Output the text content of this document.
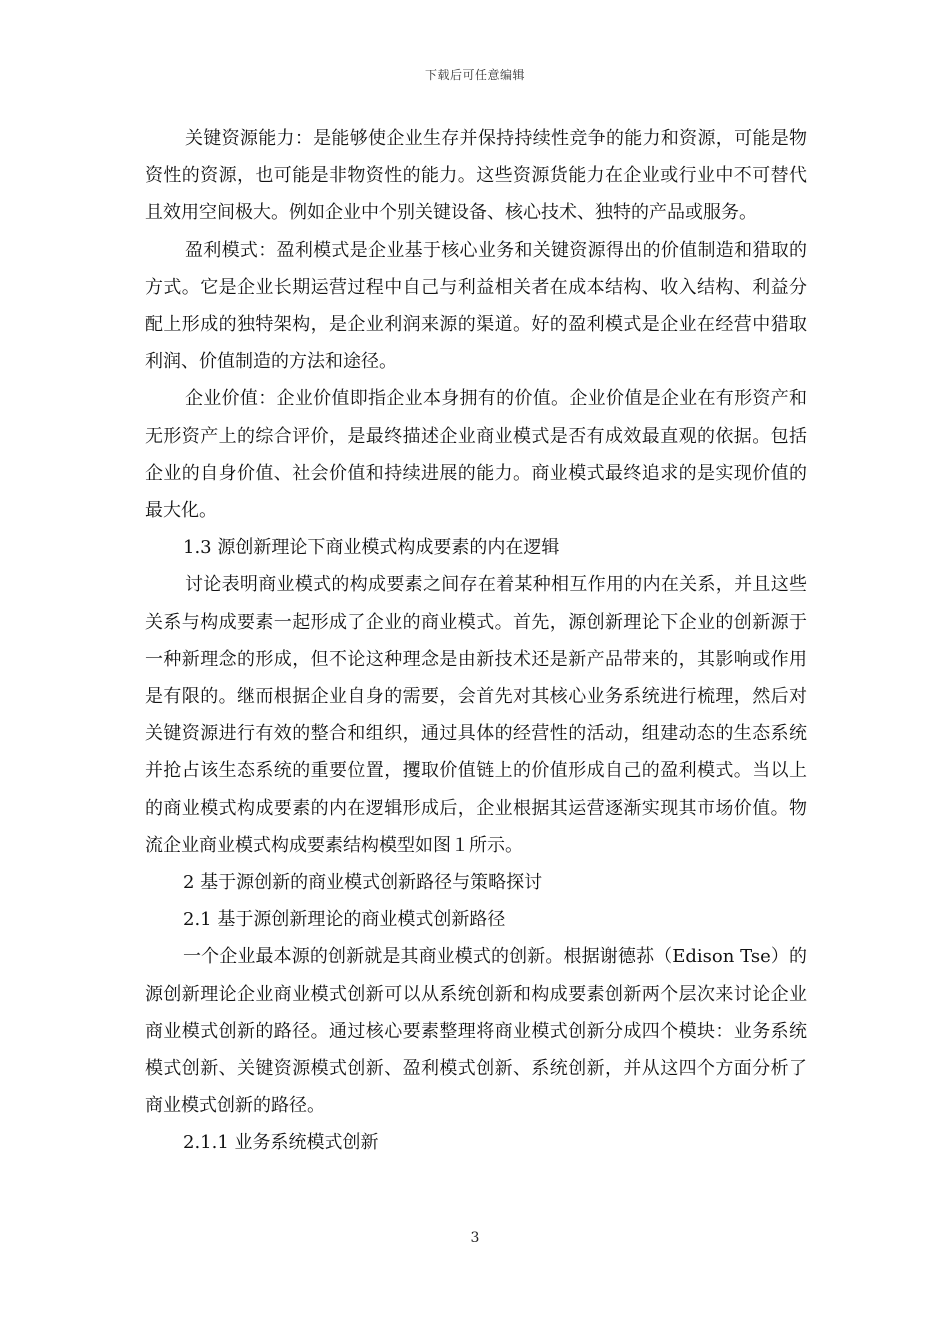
下载后可任意编辑

关键资源能力：是能够使企业生存并保持持续性竞争的能力和资源，可能是物资性的资源，也可能是非物资性的能力。这些资源货能力在企业或行业中不可替代且效用空间极大。例如企业中个别关键设备、核心技术、独特的产品或服务。

盈利模式：盈利模式是企业基于核心业务和关键资源得出的价值制造和猎取的方式。它是企业长期运营过程中自己与利益相关者在成本结构、收入结构、利益分配上形成的独特架构，是企业利润来源的渠道。好的盈利模式是企业在经营中猎取利润、价值制造的方法和途径。

企业价值：企业价值即指企业本身拥有的价值。企业价值是企业在有形资产和无形资产上的综合评价，是最终描述企业商业模式是否有成效最直观的依据。包括企业的自身价值、社会价值和持续进展的能力。商业模式最终追求的是实现价值的最大化。

1.3 源创新理论下商业模式构成要素的内在逻辑

讨论表明商业模式的构成要素之间存在着某种相互作用的内在关系，并且这些关系与构成要素一起形成了企业的商业模式。首先，源创新理论下企业的创新源于一种新理念的形成，但不论这种理念是由新技术还是新产品带来的，其影响或作用是有限的。继而根据企业自身的需要，会首先对其核心业务系统进行梳理，然后对关键资源进行有效的整合和组织，通过具体的经营性的活动，组建动态的生态系统并抢占该生态系统的重要位置，攫取价值链上的价值形成自己的盈利模式。当以上的商业模式构成要素的内在逻辑形成后，企业根据其运营逐渐实现其市场价值。物流企业商业模式构成要素结构模型如图１所示。

2 基于源创新的商业模式创新路径与策略探讨

2.1 基于源创新理论的商业模式创新路径

一个企业最本源的创新就是其商业模式的创新。根据谢德荪（Edison Tse）的源创新理论企业商业模式创新可以从系统创新和构成要素创新两个层次来讨论企业商业模式创新的路径。通过核心要素整理将商业模式创新分成四个模块：业务系统模式创新、关键资源模式创新、盈利模式创新、系统创新，并从这四个方面分析了商业模式创新的路径。

2.1.1 业务系统模式创新

3
